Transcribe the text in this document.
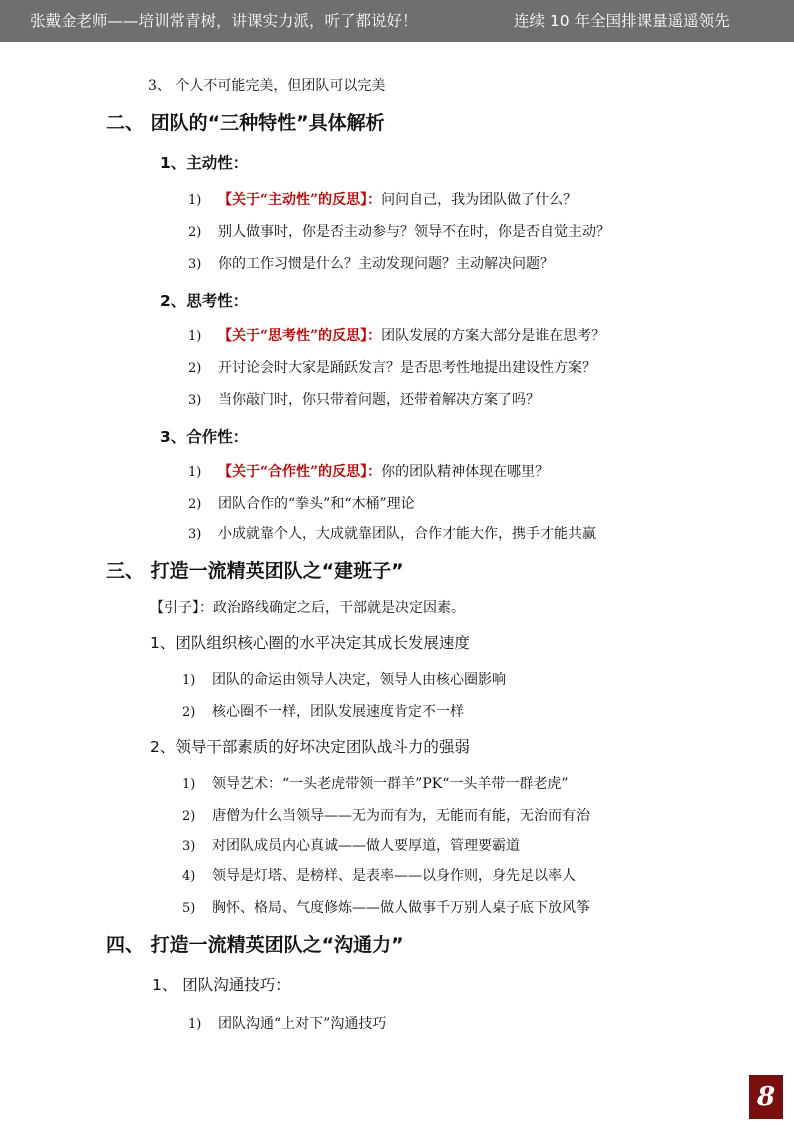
张戴金老师——培训常青树，讲课实力派，听了都说好！	连续 10 年全国排课量遥遥领先
3、 个人不可能完美，但团队可以完美
二、 团队的“三种特性”具体解析
1、主动性：
1) 【关于“主动性”的反思】：问问自己，我为团队做了什么？
2) 别人做事时，你是否主动参与？领导不在时，你是否自觉主动？
3) 你的工作习惯是什么？主动发现问题？主动解决问题？
2、思考性：
1) 【关于“思考性”的反思】：团队发展的方案大部分是谁在思考？
2) 开讨论会时大家是踊跃发言？是否思考性地提出建设性方案？
3) 当你敲门时，你只带着问题，还带着解决方案了吗？
3、合作性：
1) 【关于“合作性”的反思】：你的团队精神体现在哪里？
2) 团队合作的“拳头”和“木桶”理论
3) 小成就靠个人，大成就靠团队，合作才能大作，携手才能共赢
三、 打造一流精英团队之“建班子”
【引子】：政治路线确定之后，干部就是决定因素。
1、团队组织核心圈的水平决定其成长发展速度
1) 团队的命运由领导人决定，领导人由核心圈影响
2) 核心圈不一样，团队发展速度肯定不一样
2、领导干部素质的好坏决定团队战斗力的强弱
1) 领导艺术：“一头老虎带领一群羊”PK“一头羊带一群老虎”
2) 唐僧为什么当领导——无为而有为，无能而有能，无治而有治
3) 对团队成员内心真诚——做人要厚道，管理要霸道
4) 领导是灯塔、是榜样、是表率——以身作则，身先足以率人
5) 胸怀、格局、气度修炼——做人做事千万别人桌子底下放风筝
四、 打造一流精英团队之“沟通力”
1、 团队沟通技巧：
1) 团队沟通“上对下”沟通技巧
8
